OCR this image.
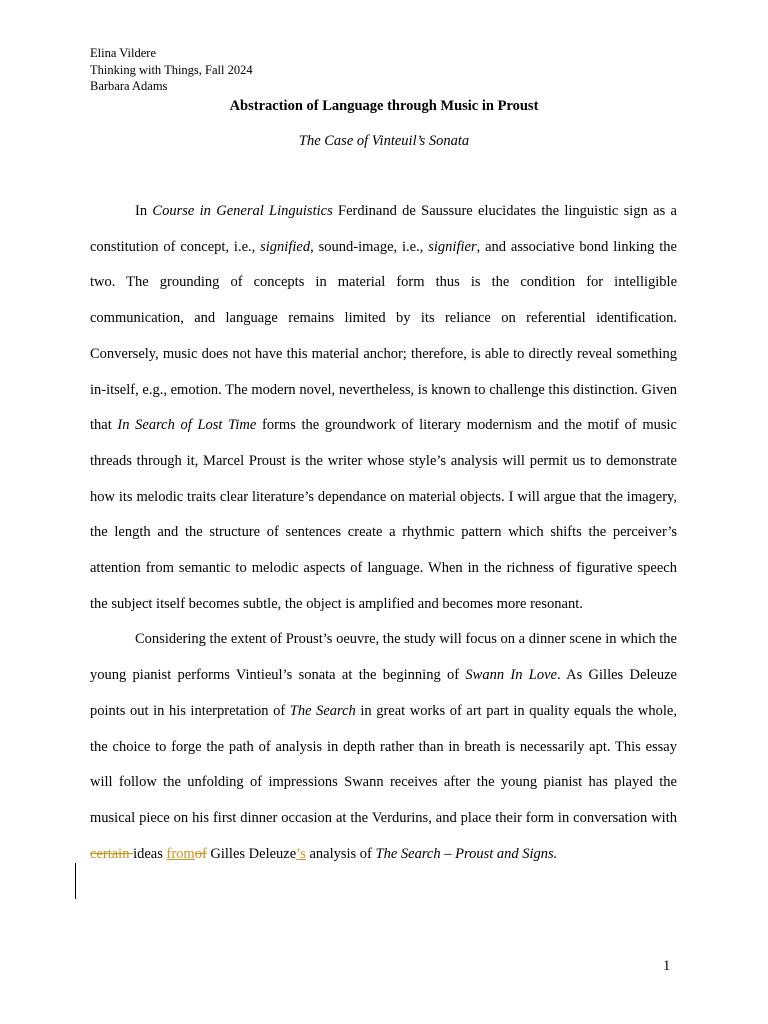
Elina Vildere
Thinking with Things, Fall 2024
Barbara Adams
Abstraction of Language through Music in Proust
The Case of Vinteuil’s Sonata

In Course in General Linguistics Ferdinand de Saussure elucidates the linguistic sign as a constitution of concept, i.e., signified, sound-image, i.e., signifier, and associative bond linking the two. The grounding of concepts in material form thus is the condition for intelligible communication, and language remains limited by its reliance on referential identification. Conversely, music does not have this material anchor; therefore, is able to directly reveal something in-itself, e.g., emotion. The modern novel, nevertheless, is known to challenge this distinction. Given that In Search of Lost Time forms the groundwork of literary modernism and the motif of music threads through it, Marcel Proust is the writer whose style’s analysis will permit us to demonstrate how its melodic traits clear literature’s dependance on material objects. I will argue that the imagery, the length and the structure of sentences create a rhythmic pattern which shifts the perceiver’s attention from semantic to melodic aspects of language. When in the richness of figurative speech the subject itself becomes subtle, the object is amplified and becomes more resonant.

Considering the extent of Proust’s oeuvre, the study will focus on a dinner scene in which the young pianist performs Vintieul’s sonata at the beginning of Swann In Love. As Gilles Deleuze points out in his interpretation of The Search in great works of art part in quality equals the whole, the choice to forge the path of analysis in depth rather than in breath is necessarily apt. This essay will follow the unfolding of impressions Swann receives after the young pianist has played the musical piece on his first dinner occasion at the Verdurins, and place their form in conversation with certain ideas fromof Gilles Deleuze’s analysis of The Search – Proust and Signs.

1
